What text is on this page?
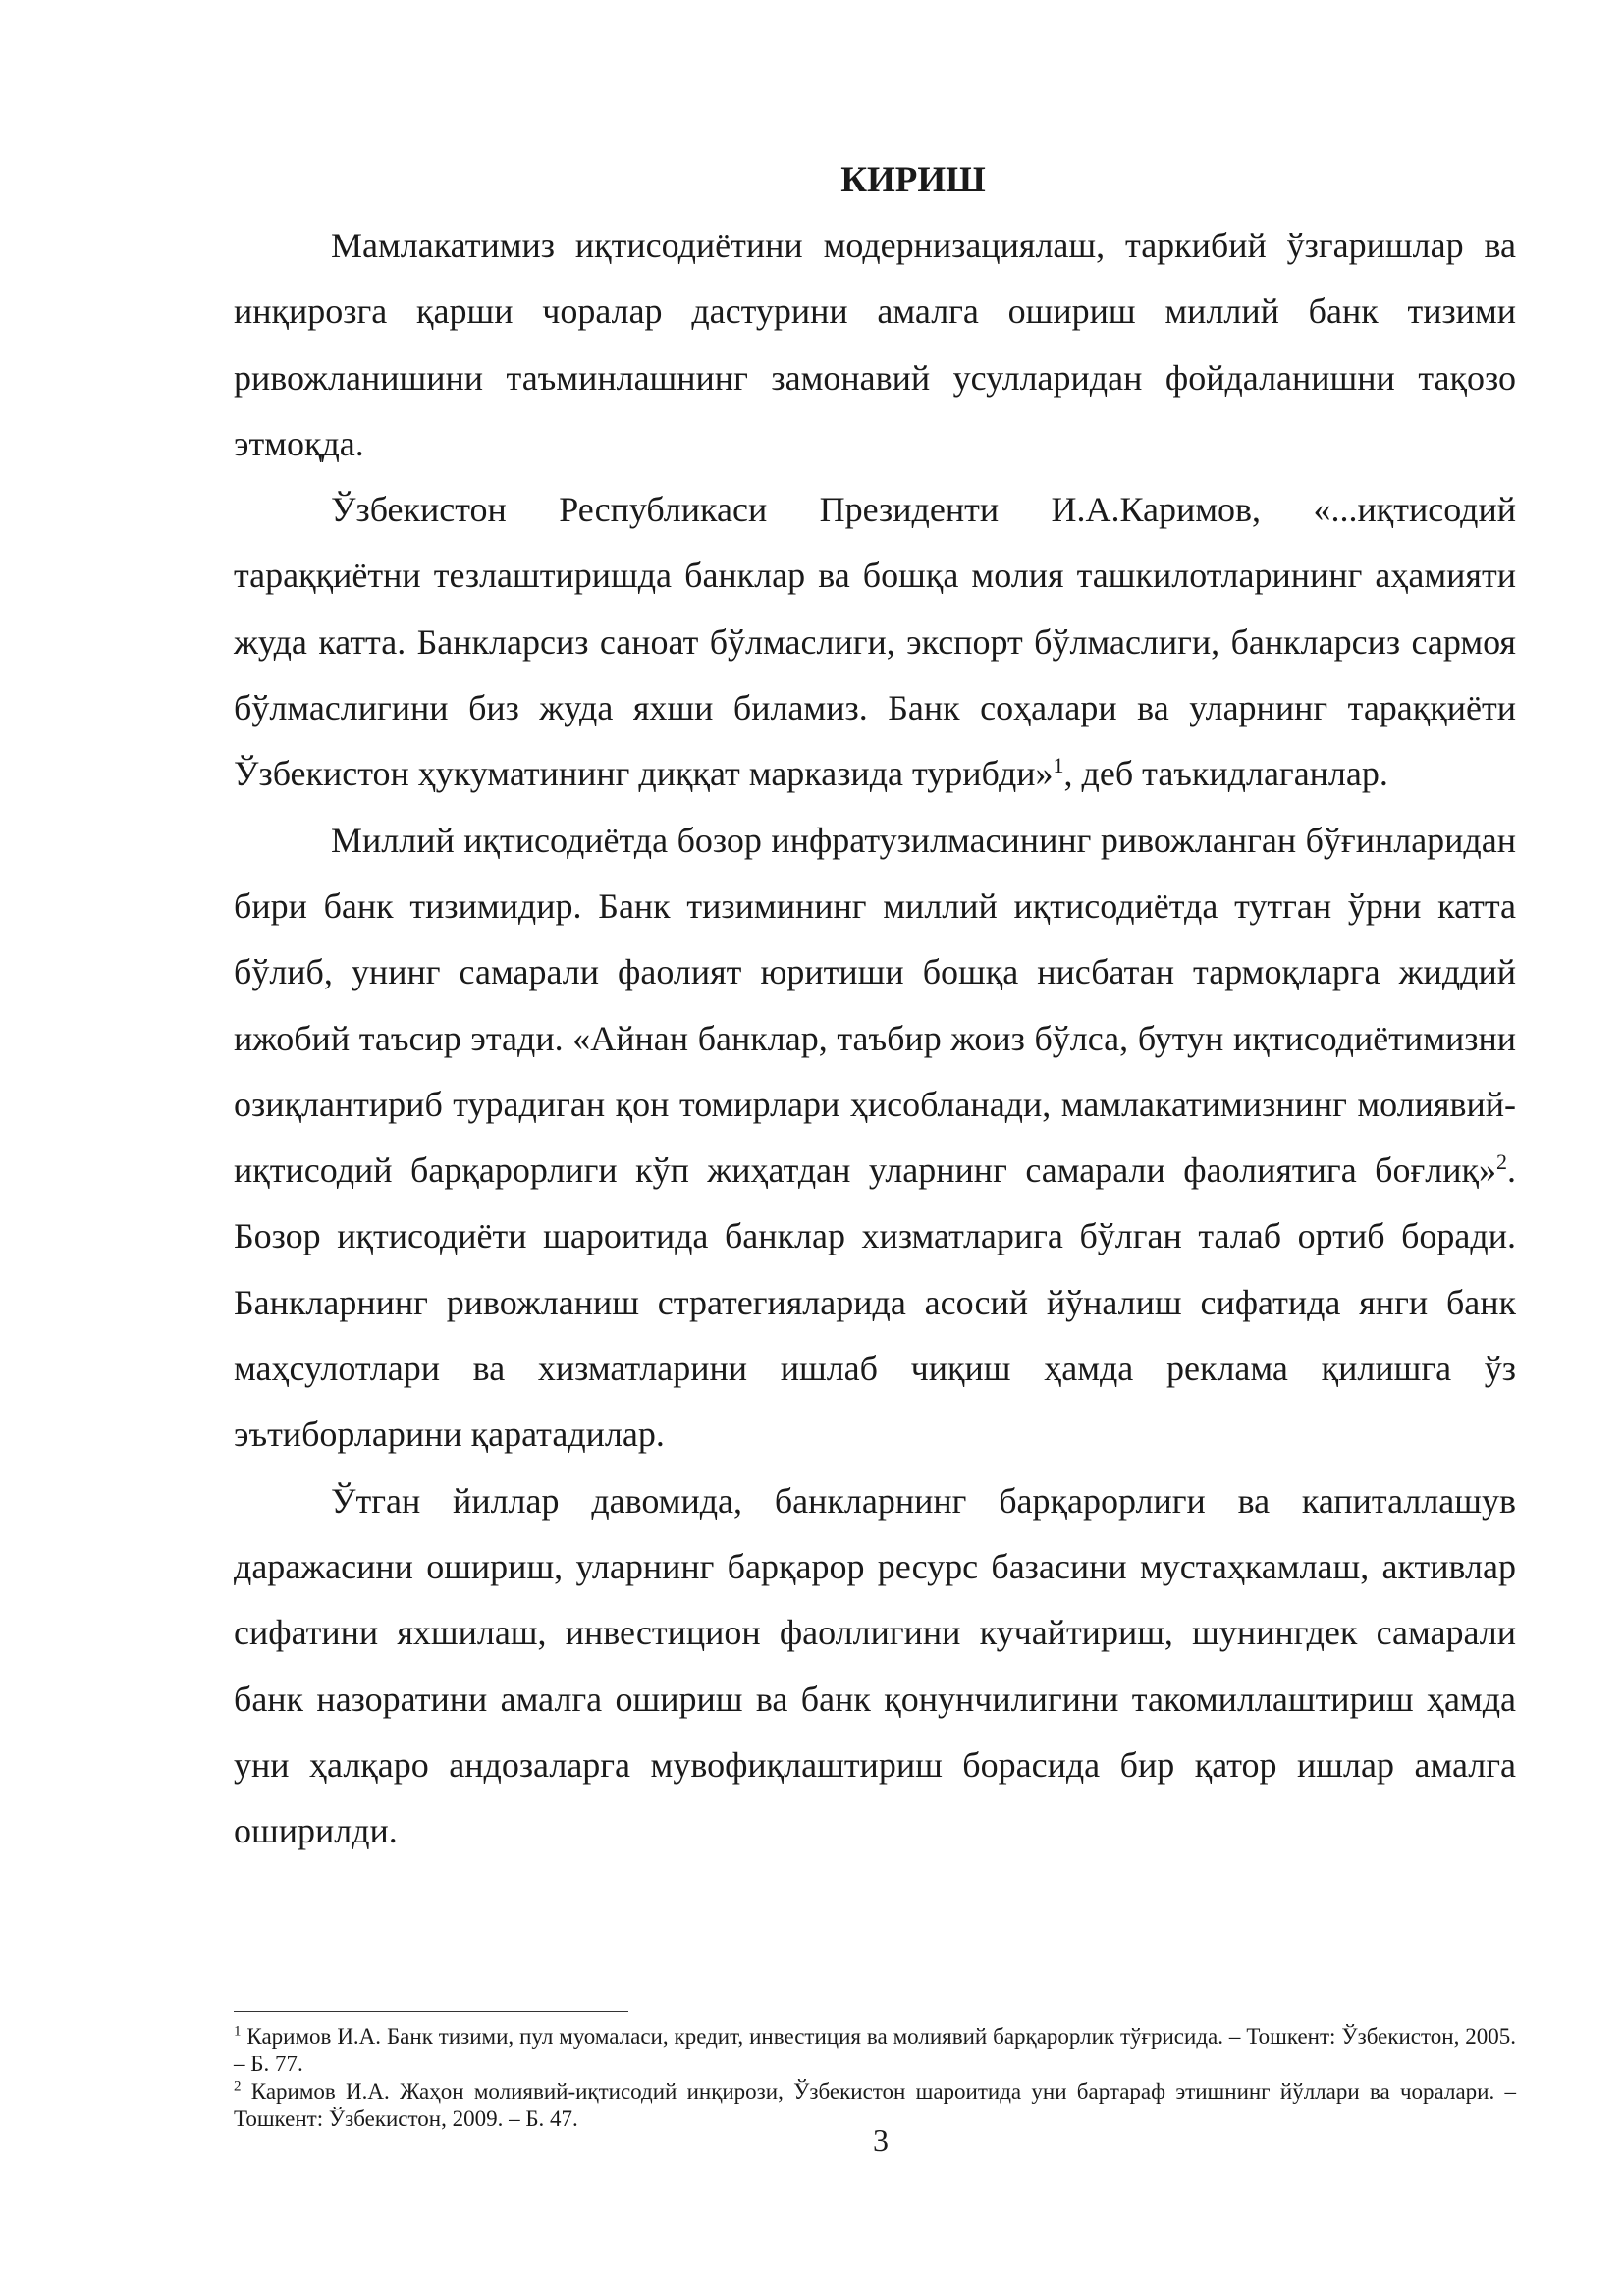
КИРИШ

Мамлакатимиз иқтисодиётини модернизациялаш, таркибий ўзгаришлар ва инқирозга қарши чоралар дастурини амалга ошириш миллий банк тизими ривожланишини таъминлашнинг замонавий усулларидан фойдаланишни тақозо этмоқда.

Ўзбекистон Республикаси Президенти И.А.Каримов, «...иқтисодий тараққиётни тезлаштиришда банклар ва бошқа молия ташкилотларининг аҳамияти жуда катта. Банкларсиз саноат бўлмаслиги, экспорт бўлмаслиги, банкларсиз сармоя бўлмаслигини биз жуда яхши биламиз. Банк соҳалари ва уларнинг тараққиёти Ўзбекистон ҳукуматининг диққат марказида турибди»$^1$, деб таъкидлаганлар.

Миллий иқтисодиётда бозор инфратузилмасининг ривожланган бўғинларидан бири банк тизимидир. Банк тизимининг миллий иқтисодиётда тутган ўрни катта бўлиб, унинг самарали фаолият юритиши бошқа нисбатан тармоқларга жиддий ижобий таъсир этади. «Айнан банклар, таъбир жоиз бўлса, бутун иқтисодиётимизни озиқлантириб турадиган қон томирлари ҳисобланади, мамлакатимизнинг молиявий-иқтисодий барқарорлиги кўп жиҳатдан уларнинг самарали фаолиятига боғлиқ»$^2$. Бозор иқтисодиёти шароитида банклар хизматларига бўлган талаб ортиб боради. Банкларнинг ривожланиш стратегияларида асосий йўналиш сифатида янги банк маҳсулотлари ва хизматларини ишлаб чиқиш ҳамда реклама қилишга ўз эътиборларини қаратадилар.

Ўтган йиллар давомида, банкларнинг барқарорлиги ва капиталлашув даражасини ошириш, уларнинг барқарор ресурс базасини мустаҳкамлаш, активлар сифатини яхшилаш, инвестицион фаоллигини кучайтириш, шунингдек самарали банк назоратини амалга ошириш ва банк қонунчилигини такомиллаштириш ҳамда уни ҳалқаро андозаларга мувофиқлаштириш борасида бир қатор ишлар амалга оширилди.

$^1$ Каримов И.А. Банк тизими, пул муомаласи, кредит, инвестиция ва молиявий барқарорлик тўғрисида. – Тошкент: Ўзбекистон, 2005. – Б. 77.

$^2$ Каримов И.А. Жаҳон молиявий-иқтисодий инқирози, Ўзбекистон шароитида уни бартараф этишнинг йўллари ва чоралари. – Тошкент: Ўзбекистон, 2009. – Б. 47.

3
